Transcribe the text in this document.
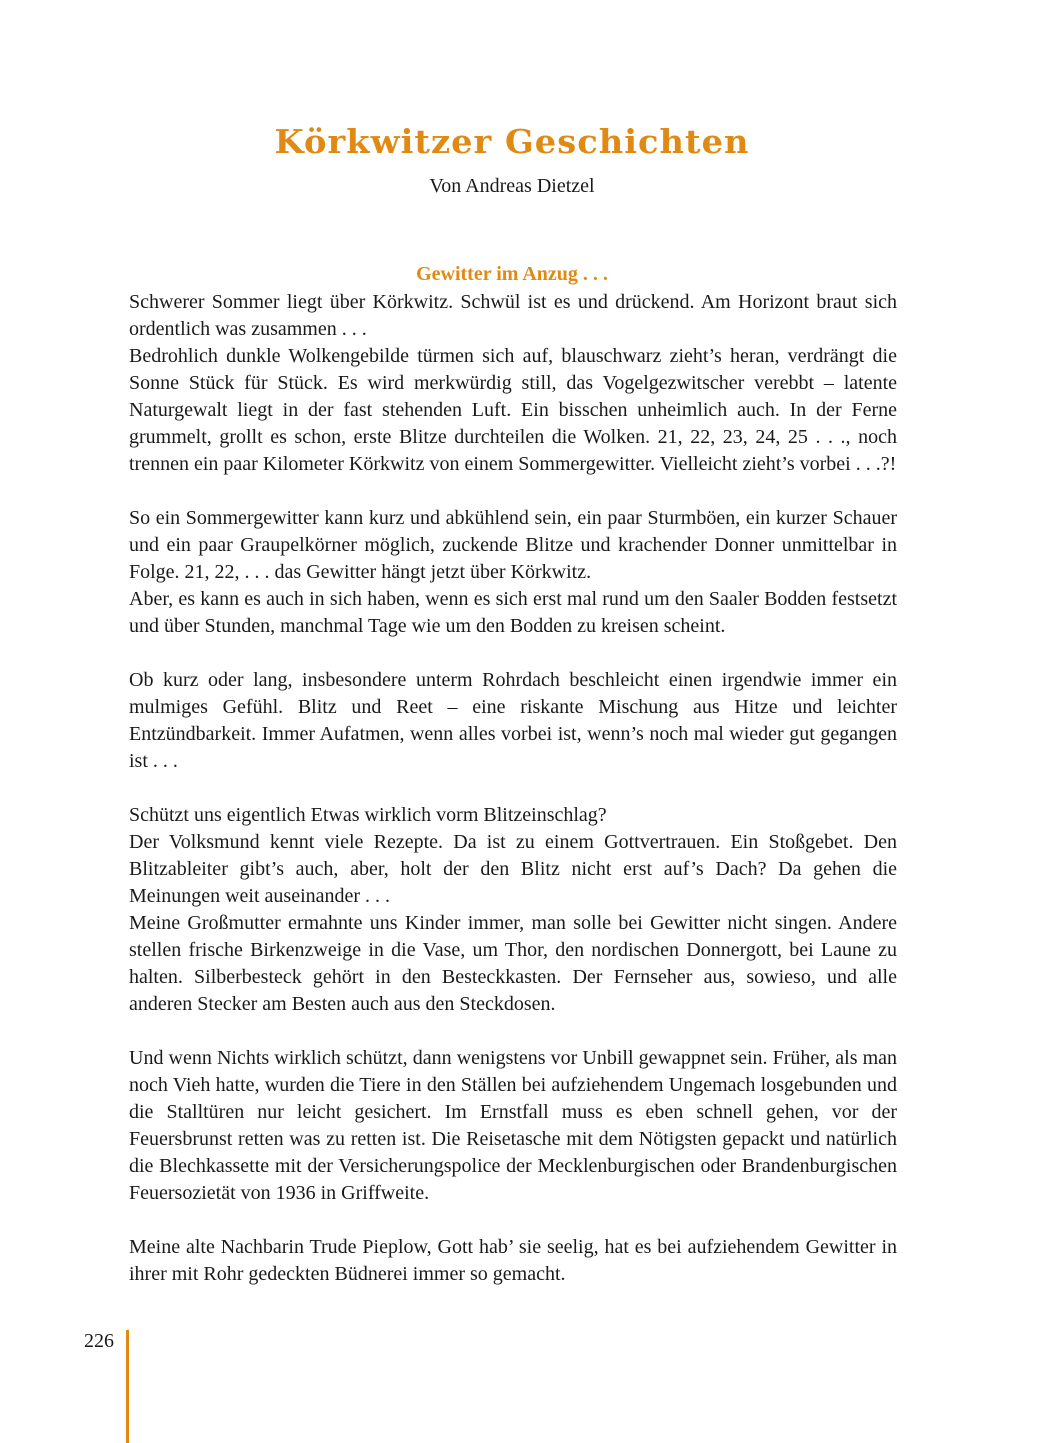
Körkwitzer Geschichten

Von Andreas Dietzel

Gewitter im Anzug . . .

Schwerer Sommer liegt über Körkwitz. Schwül ist es und drückend. Am Horizont braut sich ordentlich was zusammen . . .

Bedrohlich dunkle Wolkengebilde türmen sich auf, blauschwarz zieht’s heran, verdrängt die Sonne Stück für Stück. Es wird merkwürdig still, das Vogelgezwitscher verebbt – latente Naturgewalt liegt in der fast stehenden Luft. Ein bisschen unheimlich auch. In der Ferne grummelt, grollt es schon, erste Blitze durchteilen die Wolken. 21, 22, 23, 24, 25 . . ., noch trennen ein paar Kilometer Körkwitz von einem Sommergewitter. Vielleicht zieht’s vorbei . . .?!

So ein Sommergewitter kann kurz und abkühlend sein, ein paar Sturmböen, ein kurzer Schauer und ein paar Graupelkörner möglich, zuckende Blitze und krachender Donner unmittelbar in Folge. 21, 22, . . . das Gewitter hängt jetzt über Körkwitz.

Aber, es kann es auch in sich haben, wenn es sich erst mal rund um den Saaler Bodden festsetzt und über Stunden, manchmal Tage wie um den Bodden zu kreisen scheint.

Ob kurz oder lang, insbesondere unterm Rohrdach beschleicht einen irgendwie immer ein mulmiges Gefühl. Blitz und Reet – eine riskante Mischung aus Hitze und leichter Entzündbarkeit. Immer Aufatmen, wenn alles vorbei ist, wenn’s noch mal wieder gut gegangen ist . . .

Schützt uns eigentlich Etwas wirklich vorm Blitzeinschlag?

Der Volksmund kennt viele Rezepte. Da ist zu einem Gottvertrauen. Ein Stoßgebet. Den Blitzableiter gibt’s auch, aber, holt der den Blitz nicht erst auf’s Dach? Da gehen die Meinungen weit auseinander . . .

Meine Großmutter ermahnte uns Kinder immer, man solle bei Gewitter nicht singen. Andere stellen frische Birkenzweige in die Vase, um Thor, den nordischen Donnergott, bei Laune zu halten. Silberbesteck gehört in den Besteckkasten. Der Fernseher aus, sowieso, und alle anderen Stecker am Besten auch aus den Steckdosen.

Und wenn Nichts wirklich schützt, dann wenigstens vor Unbill gewappnet sein. Früher, als man noch Vieh hatte, wurden die Tiere in den Ställen bei aufziehendem Ungemach losgebunden und die Stalltüren nur leicht gesichert. Im Ernstfall muss es eben schnell gehen, vor der Feuersbrunst retten was zu retten ist. Die Reisetasche mit dem Nötigsten gepackt und natürlich die Blechkassette mit der Versicherungspolice der Mecklenburgischen oder Brandenburgischen Feuersozietät von 1936 in Griffweite.

Meine alte Nachbarin Trude Pieplow, Gott hab’ sie seelig, hat es bei aufziehendem Gewitter in ihrer mit Rohr gedeckten Büdnerei immer so gemacht.

226
